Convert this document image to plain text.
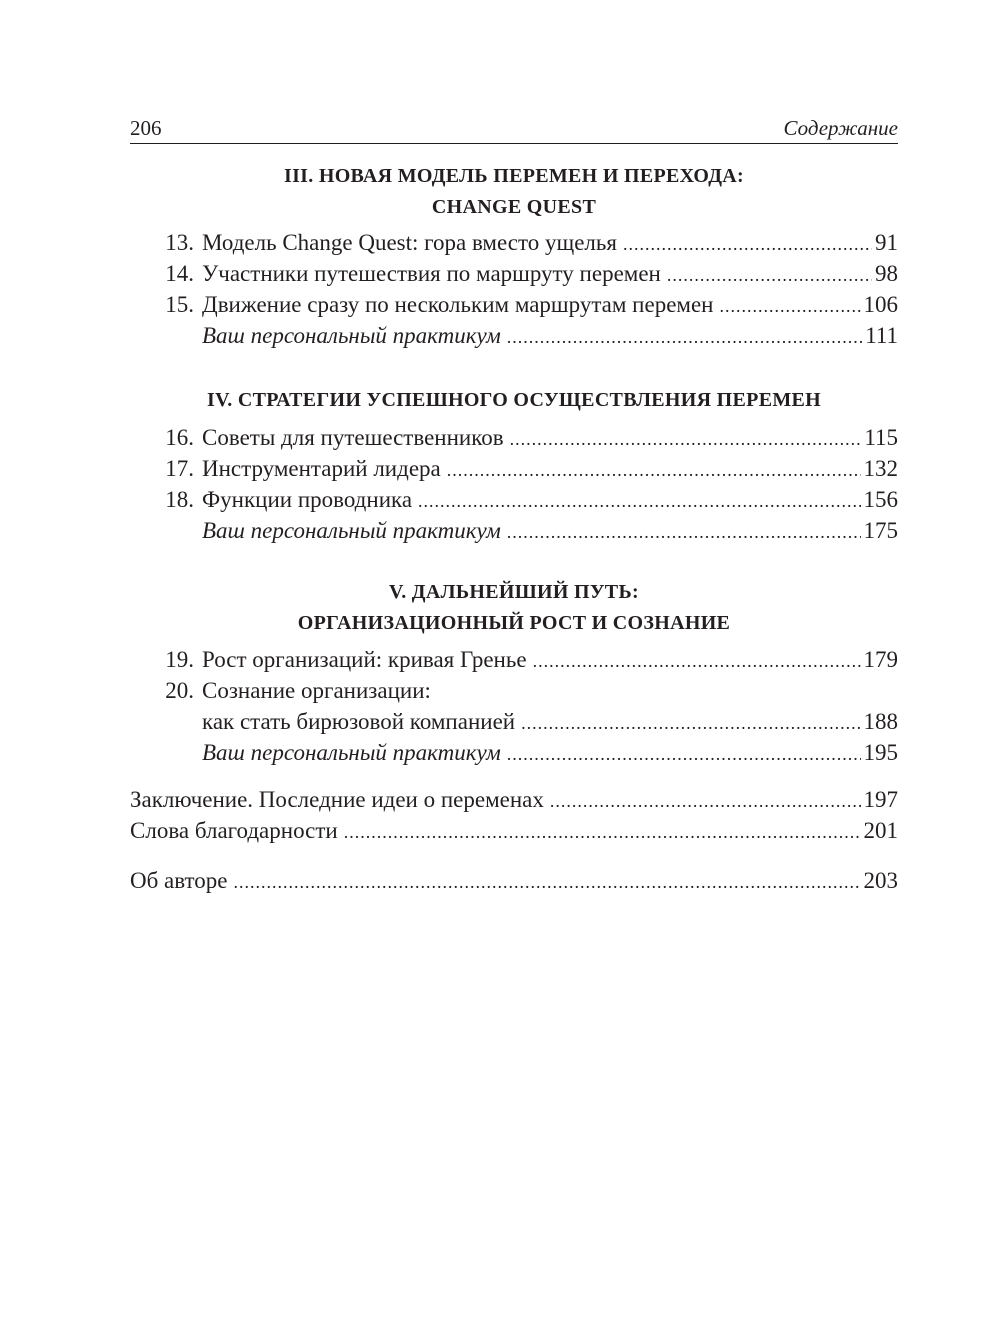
206	Содержание
III. НОВАЯ МОДЕЛЬ ПЕРЕМЕН И ПЕРЕХОДА:
CHANGE QUEST
13. Модель Change Quest: гора вместо ущелья .....	91
14. Участники путешествия по маршруту перемен .....	98
15. Движение сразу по нескольким маршрутам перемен .....	106
Ваш персональный практикум .....	111
IV. СТРАТЕГИИ УСПЕШНОГО ОСУЩЕСТВЛЕНИЯ ПЕРЕМЕН
16. Советы для путешественников .....	115
17. Инструментарий лидера .....	132
18. Функции проводника .....	156
Ваш персональный практикум .....	175
V. ДАЛЬНЕЙШИЙ ПУТЬ:
ОРГАНИЗАЦИОННЫЙ РОСТ И СОЗНАНИЕ
19. Рост организаций: кривая Гренье .....	179
20. Сознание организации:
как стать бирюзовой компанией .....	188
Ваш персональный практикум .....	195
Заключение. Последние идеи о переменах .....	197
Слова благодарности .....	201
Об авторе .....	203
